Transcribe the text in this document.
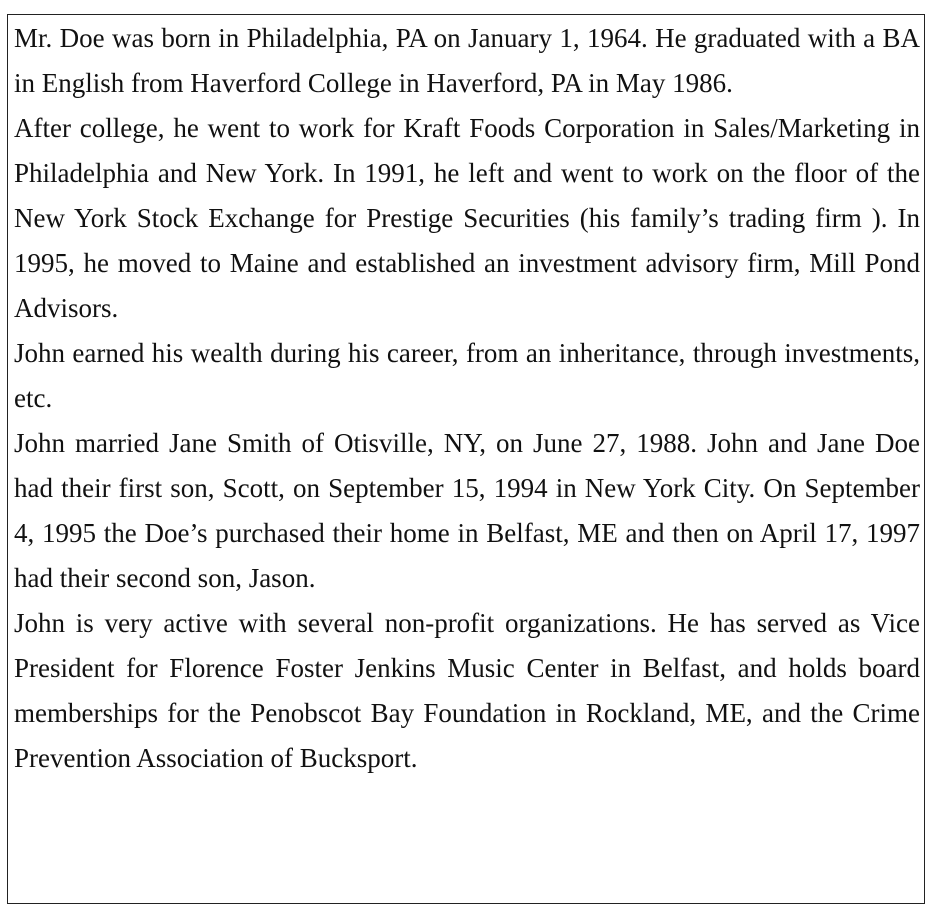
Mr. Doe was born in Philadelphia, PA on January 1, 1964. He graduated with a BA in English from Haverford College in Haverford, PA in May 1986.

After college, he went to work for Kraft Foods Corporation in Sales/​Marketing in Philadelphia and New York. In 1991, he left and went to work on the floor of the New York Stock Exchange for Prestige Securities (his family’s trading firm ). In 1995, he moved to Maine and established an investment advisory firm, Mill Pond Advisors.

John earned his wealth during his career, from an inheritance, through investments, etc.

John married Jane Smith of Otisville, NY, on June 27, 1988. John and Jane Doe had their first son, Scott, on September 15, 1994 in New York City. On September 4, 1995 the Doe’s purchased their home in Belfast, ME and then on April 17, 1997 had their second son, Jason.

John is very active with several non-profit organizations. He has served as Vice President for Florence Foster Jenkins Music Center in Belfast, and holds board memberships for the Penobscot Bay Foundation in Rockland, ME, and the Crime Prevention Association of Bucksport.
